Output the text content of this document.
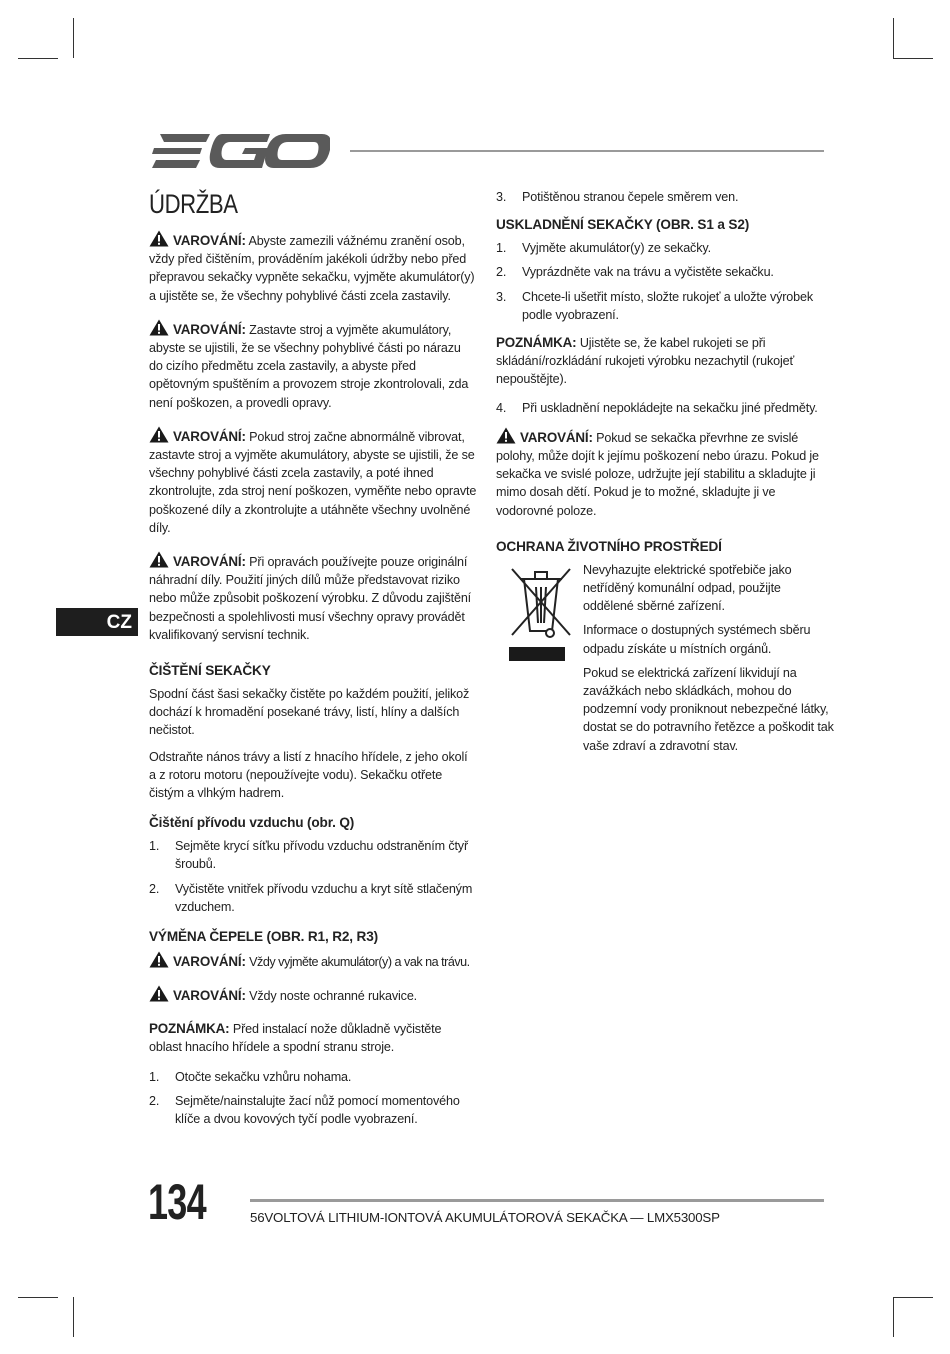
CZ
ÚDRŽBA

VAROVÁNÍ: Abyste zamezili vážnému zranění osob, vždy před čištěním, prováděním jakékoli údržby nebo před přepravou sekačky vypněte sekačku, vyjměte akumulátor(y) a ujistěte se, že všechny pohyblivé části zcela zastavily.

VAROVÁNÍ: Zastavte stroj a vyjměte akumulátory, abyste se ujistili, že se všechny pohyblivé části po nárazu do cizího předmětu zcela zastavily, a abyste před opětovným spuštěním a provozem stroje zkontrolovali, zda není poškozen, a provedli opravy.

VAROVÁNÍ: Pokud stroj začne abnormálně vibrovat, zastavte stroj a vyjměte akumulátory, abyste se ujistili, že se všechny pohyblivé části zcela zastavily, a poté ihned zkontrolujte, zda stroj není poškozen, vyměňte nebo opravte poškozené díly a zkontrolujte a utáhněte všechny uvolněné díly.

VAROVÁNÍ: Při opravách používejte pouze originální náhradní díly. Použití jiných dílů může představovat riziko nebo může způsobit poškození výrobku. Z důvodu zajištění bezpečnosti a spolehlivosti musí všechny opravy provádět kvalifikovaný servisní technik.

ČIŠTĚNÍ SEKAČKY

Spodní část šasi sekačky čistěte po každém použití, jelikož dochází k hromadění posekané trávy, listí, hlíny a dalších nečistot.

Odstraňte nános trávy a listí z hnacího hřídele, z jeho okolí a z rotoru motoru (nepoužívejte vodu). Sekačku otřete čistým a vlhkým hadrem.

Čištění přívodu vzduchu (obr. Q)
1.	Sejměte krycí síťku přívodu vzduchu odstraněním čtyř šroubů.
2.	Vyčistěte vnitřek přívodu vzduchu a kryt sítě stlačeným vzduchem.
VÝMĚNA ČEPELE (OBR. R1, R2, R3)

VAROVÁNÍ: Vždy vyjměte akumulátor(y) a vak na trávu.

VAROVÁNÍ: Vždy noste ochranné rukavice.

POZNÁMKA: Před instalací nože důkladně vyčistěte oblast hnacího hřídele a spodní stranu stroje.

1.	Otočte sekačku vzhůru nohama.
2.	Sejměte/nainstalujte žací nůž pomocí momentového klíče a dvou kovových tyčí podle vyobrazení.
3.	Potištěnou stranou čepele směrem ven.
USKLADNĚNÍ SEKAČKY (OBR. S1 a S2)
1.	Vyjměte akumulátor(y) ze sekačky.
2.	Vyprázdněte vak na trávu a vyčistěte sekačku.
3.	Chcete-li ušetřit místo, složte rukojeť a uložte výrobek podle vyobrazení.

POZNÁMKA: Ujistěte se, že kabel rukojeti se při skládání/rozkládání rukojeti výrobku nezachytil (rukojeť nepouštějte).

4.	Při uskladnění nepokládejte na sekačku jiné předměty.

VAROVÁNÍ: Pokud se sekačka převrhne ze svislé polohy, může dojít k jejímu poškození nebo úrazu. Pokud je sekačka ve svislé poloze, udržujte její stabilitu a skladujte ji mimo dosah dětí. Pokud je to možné, skladujte ji ve vodorovné poloze.

OCHRANA ŽIVOTNÍHO PROSTŘEDÍ

Nevyhazujte elektrické spotřebiče jako netříděný komunální odpad, použijte oddělené sběrné zařízení.

Informace o dostupných systémech sběru odpadu získáte u místních orgánů.

Pokud se elektrická zařízení likvidují na zavážkách nebo skládkách, mohou do podzemní vody proniknout nebezpečné látky, dostat se do potravního řetězce a poškodit tak vaše zdraví a zdravotní stav.

134	56VOLTOVÁ LITHIUM-IONTOVÁ AKUMULÁTOROVÁ SEKAČKA — LMX5300SP
